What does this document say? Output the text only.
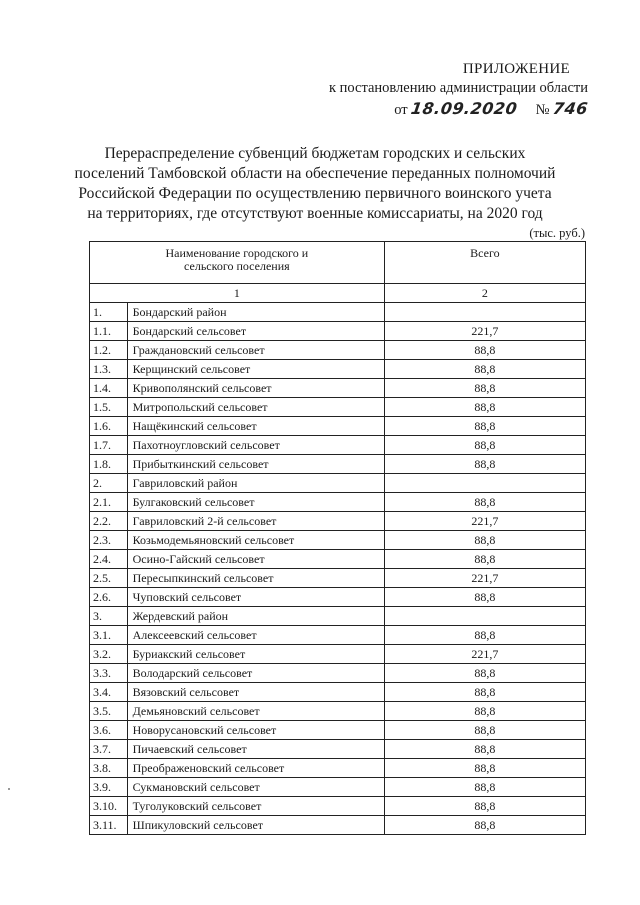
ПРИЛОЖЕНИЕ
к постановлению администрации области
от 18.09.2020 № 746
Перераспределение субвенций бюджетам городских и сельских поселений Тамбовской области на обеспечение переданных полномочий Российской Федерации по осуществлению первичного воинского учета на территориях, где отсутствуют военные комиссариаты, на 2020 год
(тыс. руб.)
Наименование городского и сельского поселения		Всего
1		2
1.	Бондарский район	
1.1.	Бондарский сельсовет	221,7
1.2.	Граждановский сельсовет	88,8
1.3.	Керщинский сельсовет	88,8
1.4.	Кривополянский сельсовет	88,8
1.5.	Митропольский сельсовет	88,8
1.6.	Нащёкинский сельсовет	88,8
1.7.	Пахотноугловский сельсовет	88,8
1.8.	Прибыткинский сельсовет	88,8
2.	Гавриловский район	
2.1.	Булгаковский сельсовет	88,8
2.2.	Гавриловский 2-й сельсовет	221,7
2.3.	Козьмодемьяновский сельсовет	88,8
2.4.	Осино-Гайский сельсовет	88,8
2.5.	Пересыпкинский сельсовет	221,7
2.6.	Чуповский сельсовет	88,8
3.	Жердевский район	
3.1.	Алексеевский сельсовет	88,8
3.2.	Буриакский сельсовет	221,7
3.3.	Володарский сельсовет	88,8
3.4.	Вязовский сельсовет	88,8
3.5.	Демьяновский сельсовет	88,8
3.6.	Новорусановский сельсовет	88,8
3.7.	Пичаевский сельсовет	88,8
3.8.	Преображеновский сельсовет	88,8
3.9.	Сукмановский сельсовет	88,8
3.10.	Туголуковский сельсовет	88,8
3.11.	Шпикуловский сельсовет	88,8
